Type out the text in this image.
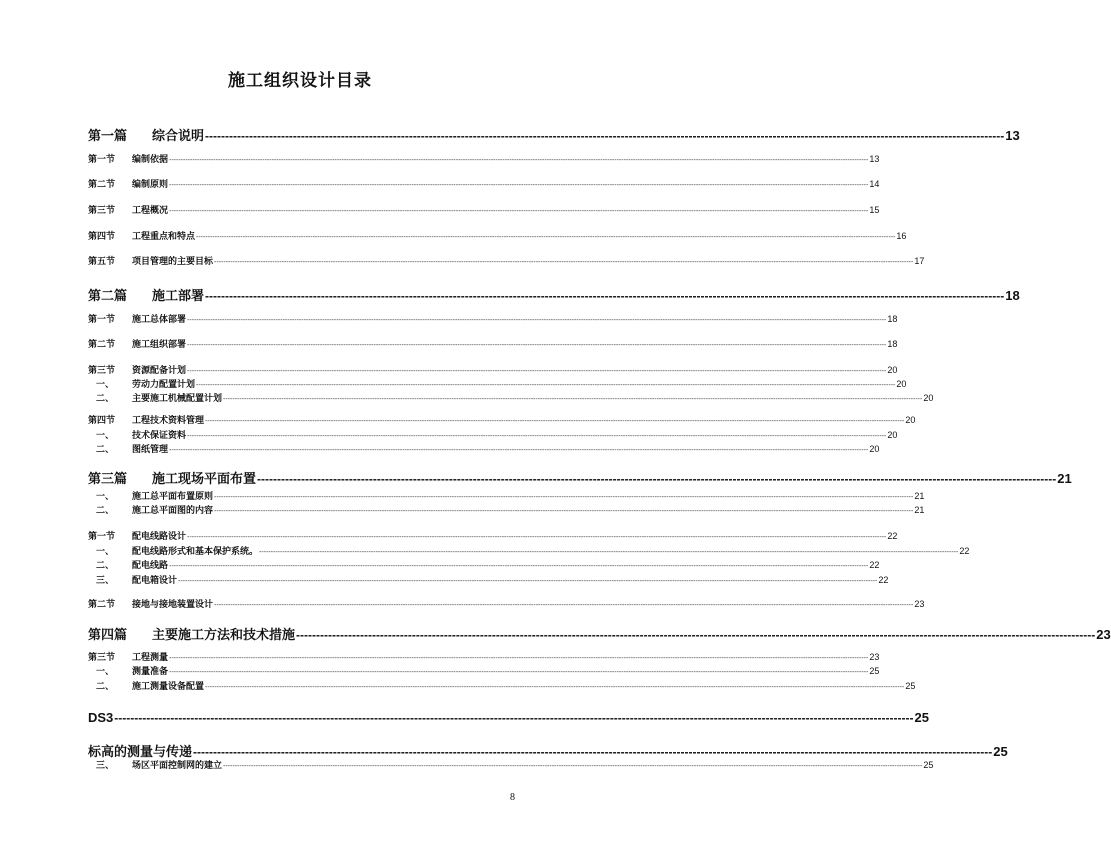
施工组织设计目录
第一篇	综合说明 -------------------------------------------------------------------------------------------------------------------------------------------------------------------------------------------------------- 13
第一节	编制依据 ------------------------------------------------------------------------------------------------------------------------------------------------------------------------------------------------------------------------------------------------------------------------------------------------------------ 13
第二节	编制原则 ------------------------------------------------------------------------------------------------------------------------------------------------------------------------------------------------------------------------------------------------------------------------------------------------------------ 14
第三节	工程概况 ------------------------------------------------------------------------------------------------------------------------------------------------------------------------------------------------------------------------------------------------------------------------------------------------------------ 15
第四节	工程重点和特点 ------------------------------------------------------------------------------------------------------------------------------------------------------------------------------------------------------------------------------------------------------------------------------------------------------------ 16
第五节	项目管理的主要目标 ------------------------------------------------------------------------------------------------------------------------------------------------------------------------------------------------------------------------------------------------------------------------------------------------------------ 17
第二篇	施工部署 -------------------------------------------------------------------------------------------------------------------------------------------------------------------------------------------------------- 18
第一节	施工总体部署 ------------------------------------------------------------------------------------------------------------------------------------------------------------------------------------------------------------------------------------------------------------------------------------------------------------ 18
第二节	施工组织部署 ------------------------------------------------------------------------------------------------------------------------------------------------------------------------------------------------------------------------------------------------------------------------------------------------------------ 18
第三节	资源配备计划 ------------------------------------------------------------------------------------------------------------------------------------------------------------------------------------------------------------------------------------------------------------------------------------------------------------ 20
一、	劳动力配置计划 ------------------------------------------------------------------------------------------------------------------------------------------------------------------------------------------------------------------------------------------------------------------------------------------------------------ 20
二、	主要施工机械配置计划 ------------------------------------------------------------------------------------------------------------------------------------------------------------------------------------------------------------------------------------------------------------------------------------------------------------ 20
第四节	工程技术资料管理 ------------------------------------------------------------------------------------------------------------------------------------------------------------------------------------------------------------------------------------------------------------------------------------------------------------ 20
一、	技术保证资料 ------------------------------------------------------------------------------------------------------------------------------------------------------------------------------------------------------------------------------------------------------------------------------------------------------------ 20
二、	图纸管理 ------------------------------------------------------------------------------------------------------------------------------------------------------------------------------------------------------------------------------------------------------------------------------------------------------------ 20
第三篇	施工现场平面布置 -------------------------------------------------------------------------------------------------------------------------------------------------------------------------------------------------------- 21
一、	施工总平面布置原则 ------------------------------------------------------------------------------------------------------------------------------------------------------------------------------------------------------------------------------------------------------------------------------------------------------------ 21
二、	施工总平面图的内容 ------------------------------------------------------------------------------------------------------------------------------------------------------------------------------------------------------------------------------------------------------------------------------------------------------------ 21
第一节	配电线路设计 ------------------------------------------------------------------------------------------------------------------------------------------------------------------------------------------------------------------------------------------------------------------------------------------------------------ 22
一、	配电线路形式和基本保护系统。 ------------------------------------------------------------------------------------------------------------------------------------------------------------------------------------------------------------------------------------------------------------------------------------------------------------ 22
二、	配电线路 ------------------------------------------------------------------------------------------------------------------------------------------------------------------------------------------------------------------------------------------------------------------------------------------------------------ 22
三、	配电箱设计 ------------------------------------------------------------------------------------------------------------------------------------------------------------------------------------------------------------------------------------------------------------------------------------------------------------ 22
第二节	接地与接地装置设计 ------------------------------------------------------------------------------------------------------------------------------------------------------------------------------------------------------------------------------------------------------------------------------------------------------------ 23
第四篇	主要施工方法和技术措施 -------------------------------------------------------------------------------------------------------------------------------------------------------------------------------------------------------- 23
第三节	工程测量 ------------------------------------------------------------------------------------------------------------------------------------------------------------------------------------------------------------------------------------------------------------------------------------------------------------ 23
一、	测量准备 ------------------------------------------------------------------------------------------------------------------------------------------------------------------------------------------------------------------------------------------------------------------------------------------------------------ 25
二、	施工测量设备配置 ------------------------------------------------------------------------------------------------------------------------------------------------------------------------------------------------------------------------------------------------------------------------------------------------------------ 25
DS3 -------------------------------------------------------------------------------------------------------------------------------------------------------------------------------------------------------- 25
标高的测量与传递 -------------------------------------------------------------------------------------------------------------------------------------------------------------------------------------------------------- 25
三、	场区平面控制网的建立 ------------------------------------------------------------------------------------------------------------------------------------------------------------------------------------------------------------------------------------------------------------------------------------------------------------ 25
8
